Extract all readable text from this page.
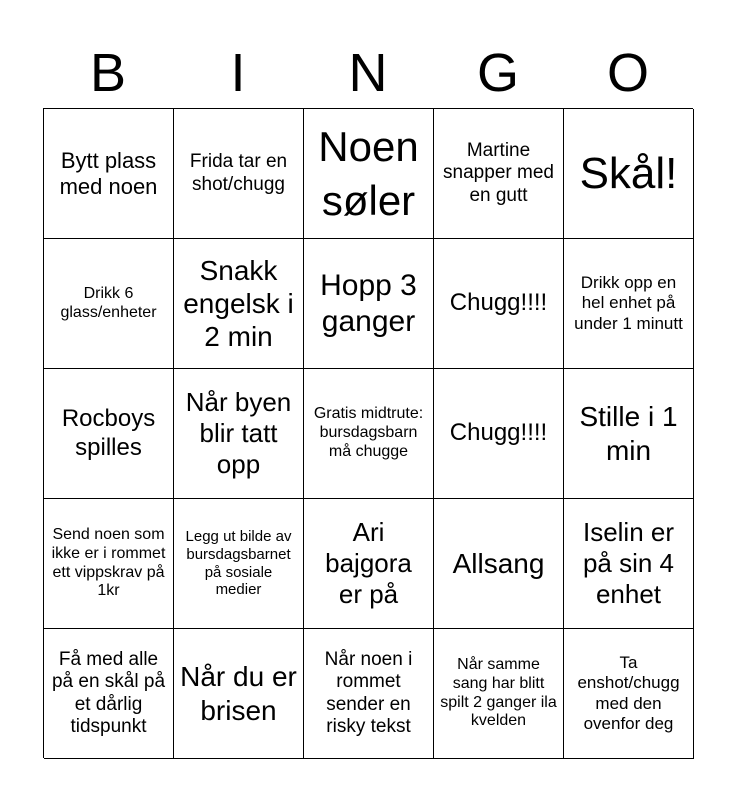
B	I	N	G	O
Bytt plass med noen
Frida tar en shot/chugg
Noen søler
Martine snapper med en gutt	Skål!
Drikk 6 glass/enheter
Snakk engelsk i 2 min
Hopp 3 ganger
Chugg!!!!
Drikk opp en hel enhet på under 1 minutt
Rocboys spilles
Når byen blir tatt opp
Gratis midtrute: bursdagsbarn må chugge
Chugg!!!!
Stille i 1 min
Send noen som ikke er i rommet ett vippskrav på 1kr
Legg ut bilde av bursdagsbarnet på sosiale medier
Ari bajgora er på
Allsang
Iselin er på sin 4 enhet
Få med alle på en skål på et dårlig tidspunkt
Når du er brisen
Når noen i rommet sender en risky tekst
Når samme sang har blitt spilt 2 ganger ila kvelden
Ta enshot/chugg med den ovenfor deg
